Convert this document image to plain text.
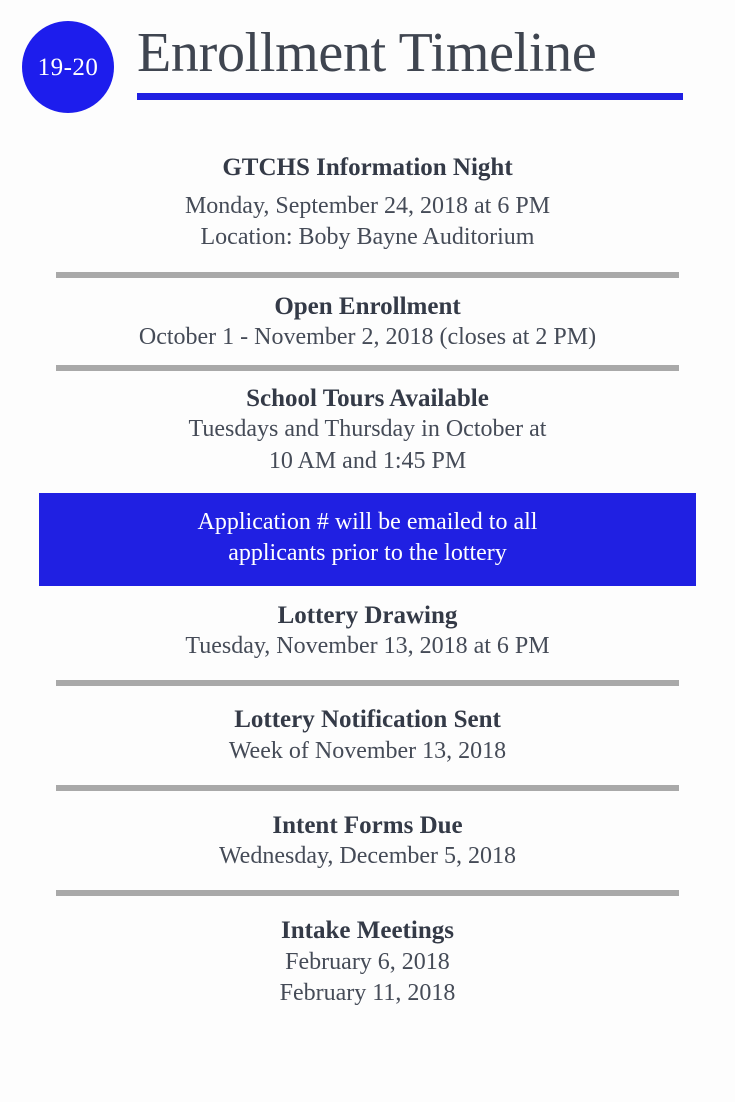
19-20 Enrollment Timeline

GTCHS Information Night

Monday, September 24, 2018 at 6 PM

Location: Boby Bayne Auditorium

Open Enrollment

October 1 - November 2, 2018 (closes at 2 PM)

School Tours Available

Tuesdays and Thursday in October at

10 AM and 1:45 PM

Application # will be emailed to all

applicants prior to the lottery

Lottery Drawing

Tuesday, November 13, 2018 at 6 PM

Lottery Notification Sent

Week of November 13, 2018

Intent Forms Due

Wednesday, December 5, 2018

Intake Meetings

February 6, 2018

February 11, 2018
